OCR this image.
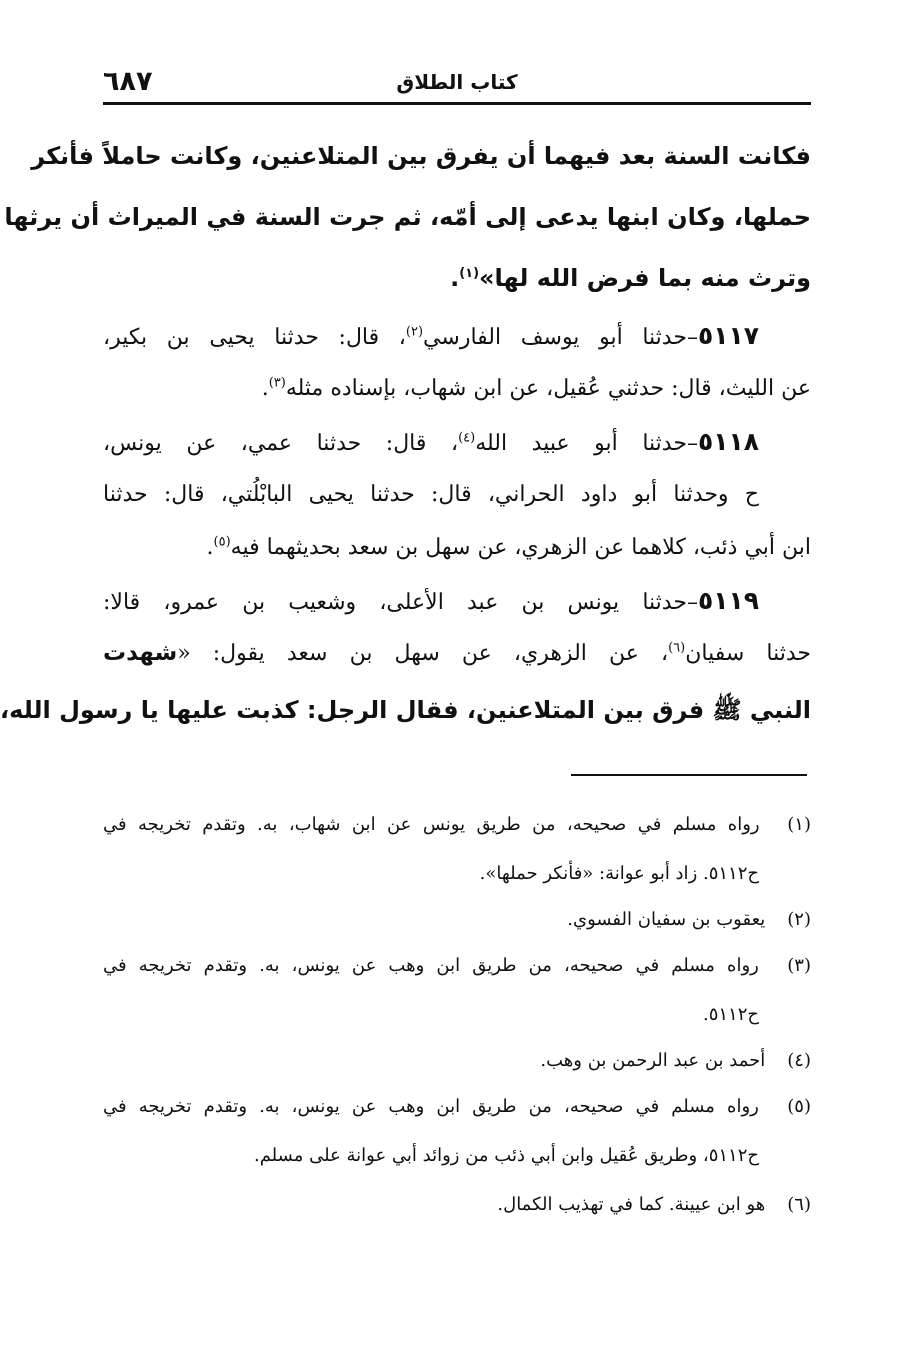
٦٨٧	كتاب الطلاق
فكانت السنة بعد فيهما أن يفرق بين المتلاعنين، وكانت حاملاً فأنكر
حملها، وكان ابنها يدعى إلى أمّه، ثم جرت السنة في الميراث أن يرثها
وترث منه بما فرض الله لها»$^{(١)}$.
٥١١٧–حدثنا أبو يوسف الفارسي$^{(٢)}$، قال: حدثنا يحيى بن بكير،
عن الليث، قال: حدثني عُقيل، عن ابن شهاب، بإسناده مثله$^{(٣)}$.
٥١١٨–حدثنا أبو عبيد الله$^{(٤)}$، قال: حدثنا عمي، عن يونس،
ح وحدثنا أبو داود الحراني، قال: حدثنا يحيى البابْلُتي، قال: حدثنا
ابن أبي ذئب، كلاهما عن الزهري، عن سهل بن سعد بحديثهما فيه$^{(٥)}$.
٥١١٩–حدثنا يونس بن عبد الأعلى، وشعيب بن عمرو، قالا:
حدثنا سفيان$^{(٦)}$، عن الزهري، عن سهل بن سعد يقول: «شهدت
النبي ﷺ فرق بين المتلاعنين، فقال الرجل: كذبت عليها يا رسول الله،
(١) رواه مسلم في صحيحه، من طريق يونس عن ابن شهاب، به. وتقدم تخريجه في
ح٥١١٢. زاد أبو عوانة: «فأنكر حملها».
(٢) يعقوب بن سفيان الفسوي.
(٣) رواه مسلم في صحيحه، من طريق ابن وهب عن يونس، به. وتقدم تخريجه في
ح٥١١٢.
(٤) أحمد بن عبد الرحمن بن وهب.
(٥) رواه مسلم في صحيحه، من طريق ابن وهب عن يونس، به. وتقدم تخريجه في
ح٥١١٢، وطريق عُقيل وابن أبي ذئب من زوائد أبي عوانة على مسلم.
(٦) هو ابن عيينة. كما في تهذيب الكمال.
